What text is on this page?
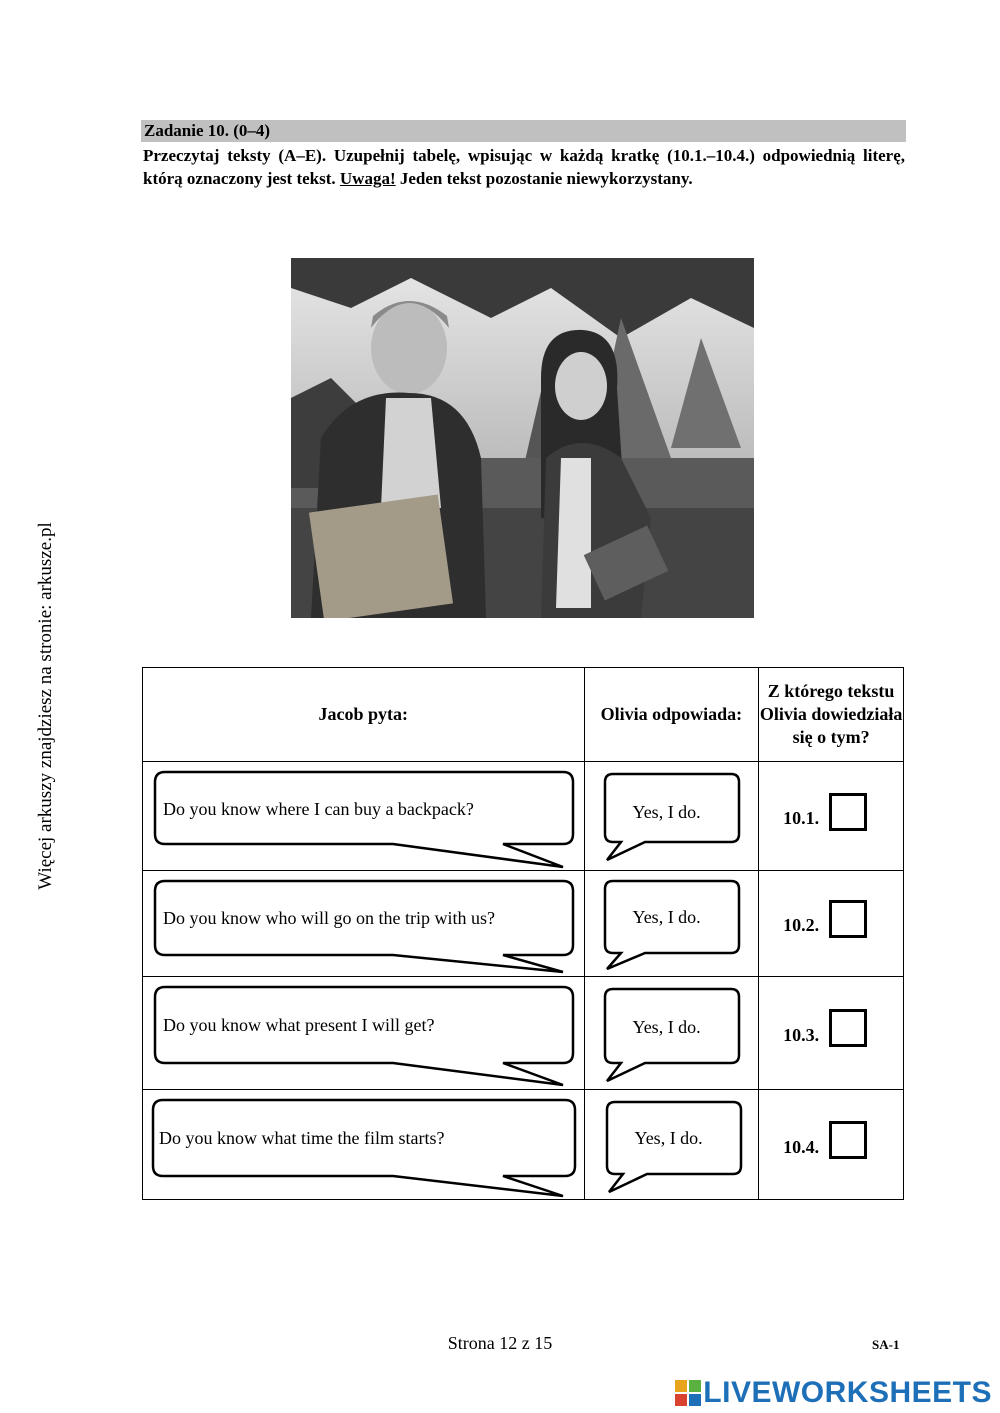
Więcej arkuszy znajdziesz na stronie: arkusze.pl
Zadanie 10. (0–4)

Przeczytaj teksty (A–E). Uzupełnij tabelę, wpisując w każdą kratkę (10.1.–10.4.) odpowiednią literę, którą oznaczony jest tekst. Uwaga! Jeden tekst pozostanie niewykorzystany.

Jacob pyta:	Olivia odpowiada:	Z którego tekstu Olivia dowiedziała się o tym?

Do you know where I can buy a backpack?	Yes, I do.	10.1.

Do you know who will go on the trip with us?	Yes, I do.	10.2.

Do you know what present I will get?	Yes, I do.	10.3.

Do you know what time the film starts?	Yes, I do.	10.4.
Strona 12 z 15	SA-1
LIVEWORKSHEETS
